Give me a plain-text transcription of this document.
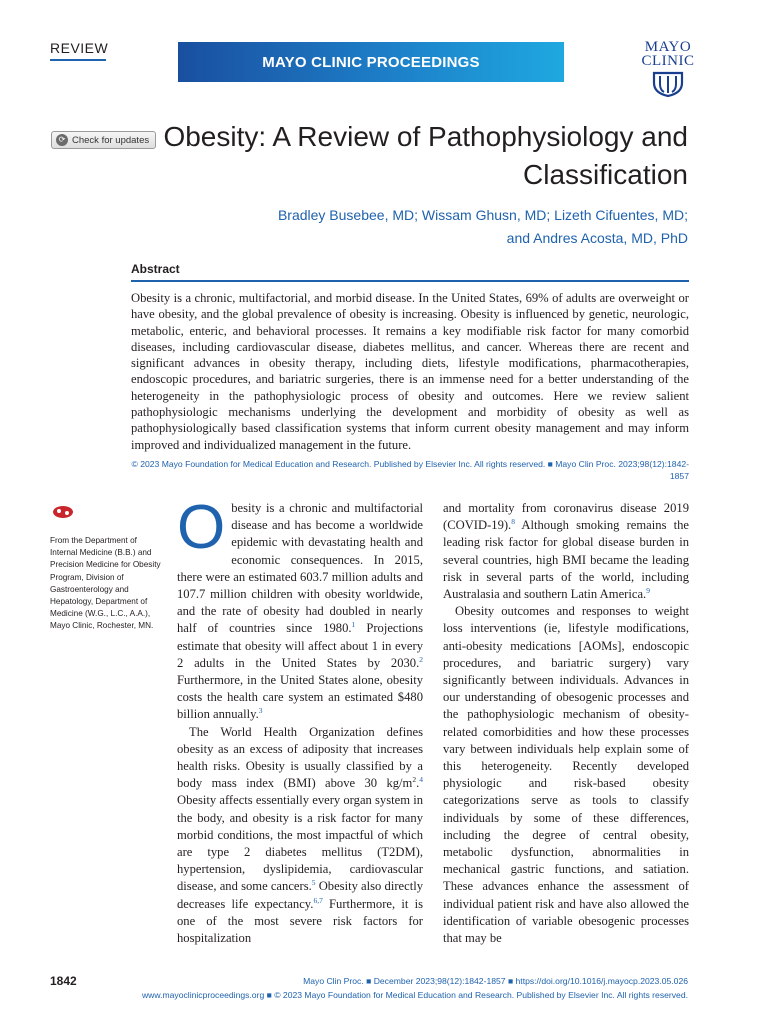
REVIEW
MAYO CLINIC PROCEEDINGS
MAYO
CLINIC
⟳ Check for updates Obesity: A Review of Pathophysiology and
Classification
Bradley Busebee, MD; Wissam Ghusn, MD; Lizeth Cifuentes, MD;
and Andres Acosta, MD, PhD
Abstract
Obesity is a chronic, multifactorial, and morbid disease. In the United States, 69% of adults are overweight or have obesity, and the global prevalence of obesity is increasing. Obesity is influenced by genetic, neurologic, metabolic, enteric, and behavioral processes. It remains a key modifiable risk factor for many comorbid diseases, including cardiovascular disease, diabetes mellitus, and cancer. Whereas there are recent and significant advances in obesity therapy, including diets, lifestyle modifications, pharmacotherapies, endoscopic procedures, and bariatric surgeries, there is an immense need for a better understanding of the heterogeneity in the pathophysiologic process of obesity and outcomes. Here we review salient pathophysiologic mechanisms underlying the development and morbidity of obesity as well as pathophysiologically based classification systems that inform current obesity management and may inform improved and individualized management in the future.
© 2023 Mayo Foundation for Medical Education and Research. Published by Elsevier Inc. All rights reserved. ■ Mayo Clin Proc. 2023;98(12):1842-
1857
From the Department of Internal Medicine (B.B.) and Precision Medicine for Obesity Program, Division of Gastroenterology and Hepatology, Department of Medicine (W.G., L.C., A.A.), Mayo Clinic, Rochester, MN.

Obesity is a chronic and multifactorial disease and has become a worldwide epidemic with devastating health and economic consequences. In 2015, there were an estimated 603.7 million adults and 107.7 million children with obesity worldwide, and the rate of obesity had doubled in nearly half of countries since 1980.$^1$ Projections estimate that obesity will affect about 1 in every 2 adults in the United States by 2030.$^2$ Furthermore, in the United States alone, obesity costs the health care system an estimated $480 billion annually.$^3$

The World Health Organization defines obesity as an excess of adiposity that increases health risks. Obesity is usually classified by a body mass index (BMI) above 30 $kg/m^2.^4$ Obesity affects essentially every organ system in the body, and obesity is a risk factor for many morbid conditions, the most impactful of which are type 2 diabetes mellitus (T2DM), hypertension, dyslipidemia, cardiovascular disease, and some cancers.$^5$ Obesity also directly decreases life expectancy.$^{6,7}$ Furthermore, it is one of the most severe risk factors for hospitalization

and mortality from coronavirus disease 2019 (COVID-19).$^8$ Although smoking remains the leading risk factor for global disease burden in several countries, high BMI became the leading risk in several parts of the world, including Australasia and southern Latin America.$^9$

Obesity outcomes and responses to weight loss interventions (ie, lifestyle modifications, anti-obesity medications [AOMs], endoscopic procedures, and bariatric surgery) vary significantly between individuals. Advances in our understanding of obesogenic processes and the pathophysiologic mechanism of obesity-related comorbidities and how these processes vary between individuals help explain some of this heterogeneity. Recently developed physiologic and risk-based obesity categorizations serve as tools to classify individuals by some of these differences, including the degree of central obesity, metabolic dysfunction, abnormalities in mechanical gastric functions, and satiation. These advances enhance the assessment of individual patient risk and have also allowed the identification of variable obesogenic processes that may be

1842	Mayo Clin Proc. ■ December 2023;98(12):1842-1857 ■ https://doi.org/10.1016/j.mayocp.2023.05.026
www.mayoclinicproceedings.org ■ © 2023 Mayo Foundation for Medical Education and Research. Published by Elsevier Inc. All rights reserved.
